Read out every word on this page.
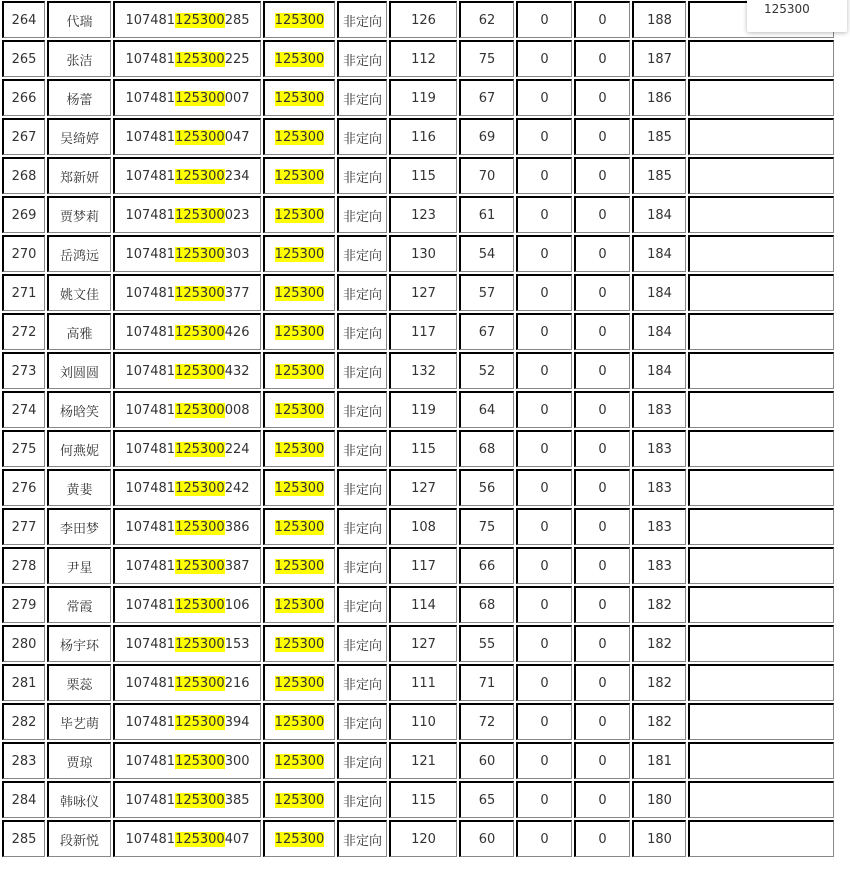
264	代瑞	107481125300285	125300	非定向	126	62	0	0	188	
265	张洁	107481125300225	125300	非定向	112	75	0	0	187	
266	杨蕾	107481125300007	125300	非定向	119	67	0	0	186	
267	吴绮婷	107481125300047	125300	非定向	116	69	0	0	185	
268	郑新妍	107481125300234	125300	非定向	115	70	0	0	185	
269	贾梦莉	107481125300023	125300	非定向	123	61	0	0	184	
270	岳鸿远	107481125300303	125300	非定向	130	54	0	0	184	
271	姚文佳	107481125300377	125300	非定向	127	57	0	0	184	
272	高雅	107481125300426	125300	非定向	117	67	0	0	184	
273	刘圆圆	107481125300432	125300	非定向	132	52	0	0	184	
274	杨晗笑	107481125300008	125300	非定向	119	64	0	0	183	
275	何燕妮	107481125300224	125300	非定向	115	68	0	0	183	
276	黄婓	107481125300242	125300	非定向	127	56	0	0	183	
277	李田梦	107481125300386	125300	非定向	108	75	0	0	183	
278	尹星	107481125300387	125300	非定向	117	66	0	0	183	
279	常霞	107481125300106	125300	非定向	114	68	0	0	182	
280	杨宇环	107481125300153	125300	非定向	127	55	0	0	182	
281	栗蕊	107481125300216	125300	非定向	111	71	0	0	182	
282	毕艺萌	107481125300394	125300	非定向	110	72	0	0	182	
283	贾琼	107481125300300	125300	非定向	121	60	0	0	181	
284	韩咏仪	107481125300385	125300	非定向	115	65	0	0	180	
285	段新悦	107481125300407	125300	非定向	120	60	0	0	180	
125300
